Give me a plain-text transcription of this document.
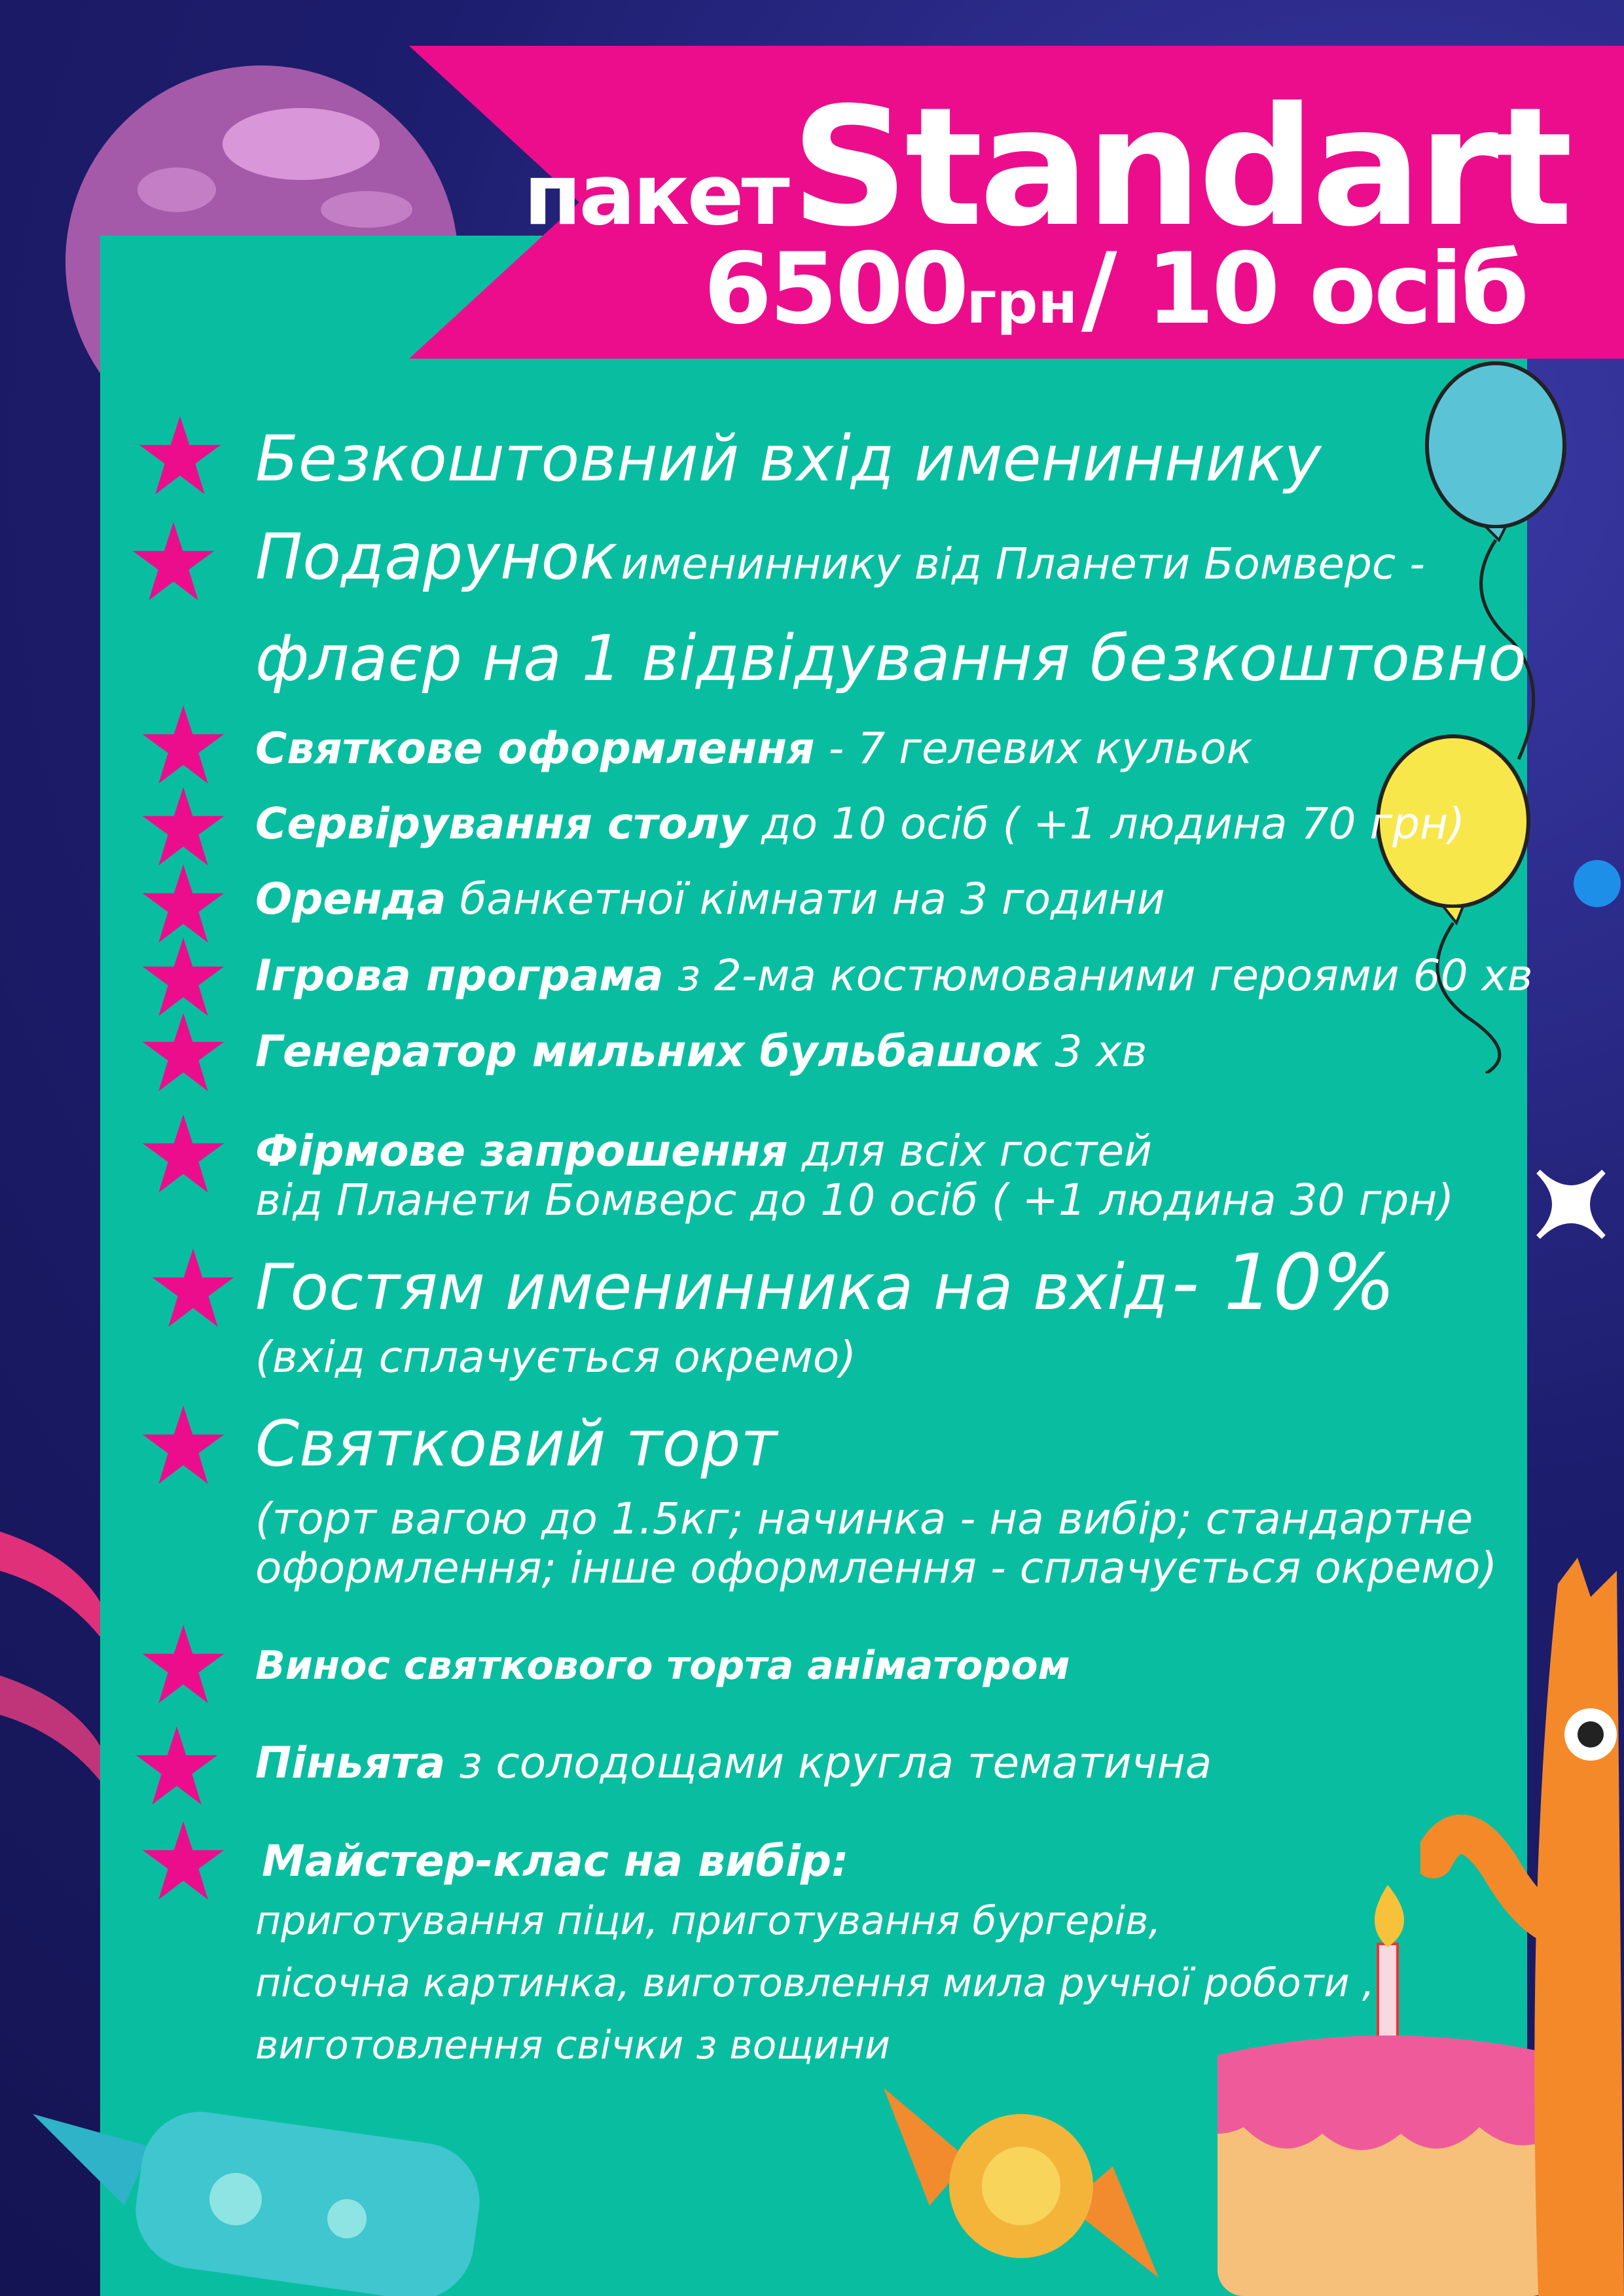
пакет Standart
6500грн / 10 осіб
Безкоштовний вхід имениннику
Подарунок имениннику від Планети Бомверс -
флаєр на 1 відвідування безкоштовно
Святкове оформлення - 7 гелевих кульок
Сервірування столу до 10 осіб ( +1 людина 70 грн)
Оренда банкетної кімнати на 3 години
Ігрова програма з 2-ма костюмованими героями 60 хв
Генератор мильних бульбашок 3 хв
Фірмове запрошення для всіх гостей
від Планети Бомверс до 10 осіб ( +1 людина 30 грн)
Гостям именинника на вхід - 10%
(вхід сплачується окремо)
Святковий торт
(торт вагою до 1.5кг; начинка - на вибір; стандартне
оформлення; інше оформлення - сплачується окремо)
Винос святкового торта аніматором
Піньята з солодощами кругла тематична
Майстер-клас на вибір:
приготування піци, приготування бургерів,
пісочна картинка, виготовлення мила ручної роботи ,
виготовлення свічки з вощини
